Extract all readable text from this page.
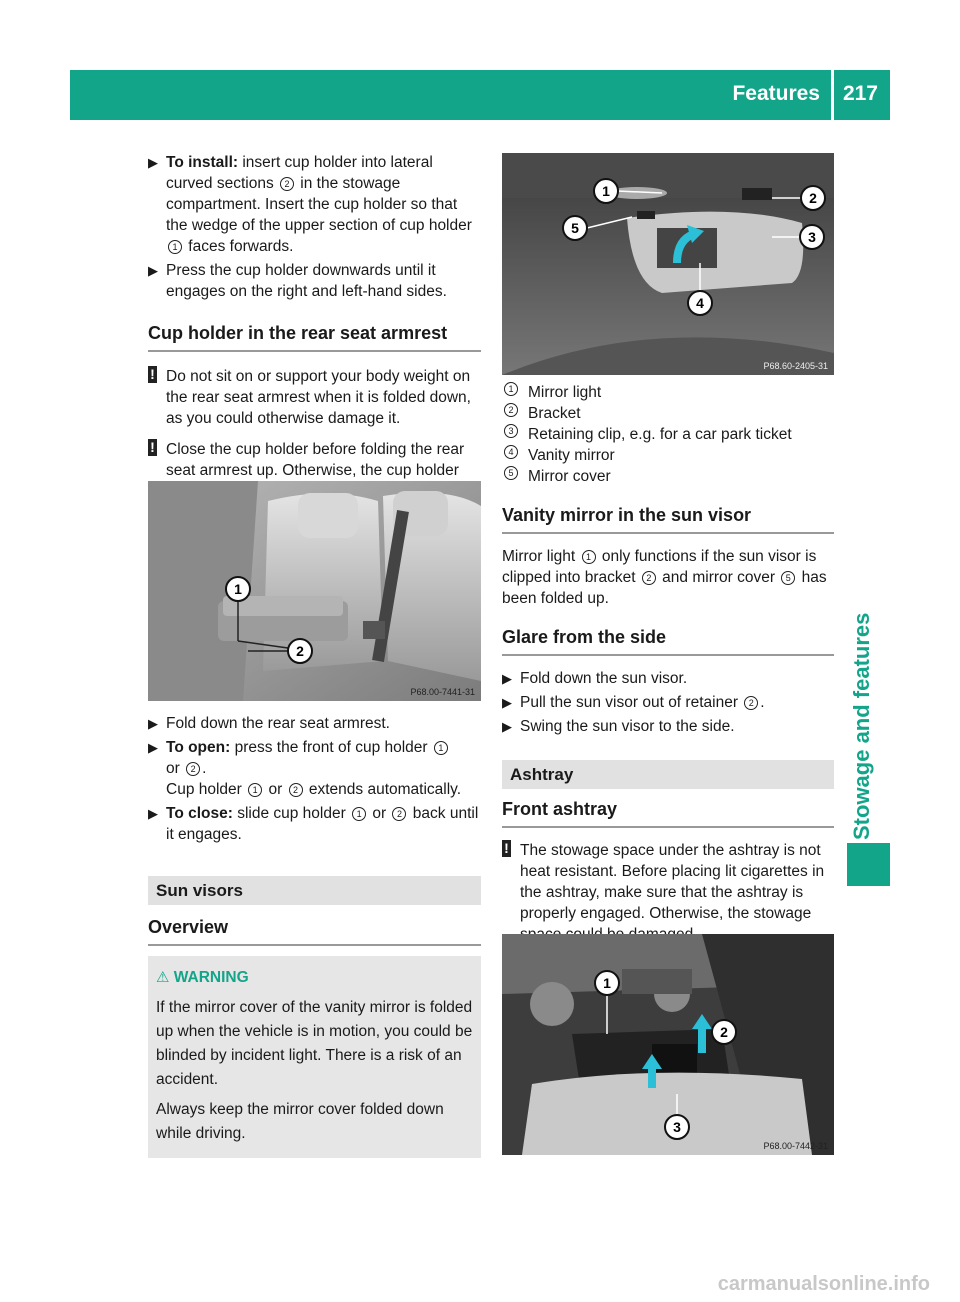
Features 217
Stowage and features
▶ To install: insert cup holder into lateral curved sections 2 in the stowage compartment. Insert the cup holder so that the wedge of the upper section of cup holder 1 faces forwards.
▶ Press the cup holder downwards until it engages on the right and left-hand sides.
Cup holder in the rear seat armrest
! Do not sit on or support your body weight on the rear seat armrest when it is folded down, as you could otherwise damage it.
! Close the cup holder before folding the rear seat armrest up. Otherwise, the cup holder
1
2
P68.00-7441-31
▶ Fold down the rear seat armrest.
▶ To open: press the front of cup holder 1
or 2 .
Cup holder 1 or 2 extends automatically.
▶ To close: slide cup holder 1 or 2 back until it engages.
Sun visors
Overview
⚠ WARNING
If the mirror cover of the vanity mirror is folded up when the vehicle is in motion, you could be blinded by incident light. There is a risk of an accident.
Always keep the mirror cover folded down while driving.
1	2
3
4
5
P68.60-2405-31
1 Mirror light
2 Bracket
3 Retaining clip, e.g. for a car park ticket
4 Vanity mirror
5 Mirror cover
Vanity mirror in the sun visor
Mirror light 1 only functions if the sun visor is clipped into bracket 2 and mirror cover 5 has been folded up.
Glare from the side
▶ Fold down the sun visor.
▶ Pull the sun visor out of retainer 2 .
▶ Swing the sun visor to the side.
Ashtray
Front ashtray
! The stowage space under the ashtray is not heat resistant. Before placing lit cigarettes in the ashtray, make sure that the ashtray is properly engaged. Otherwise, the stowage
1
2
3
P68.00-7442-31
carmanualsonline.info
